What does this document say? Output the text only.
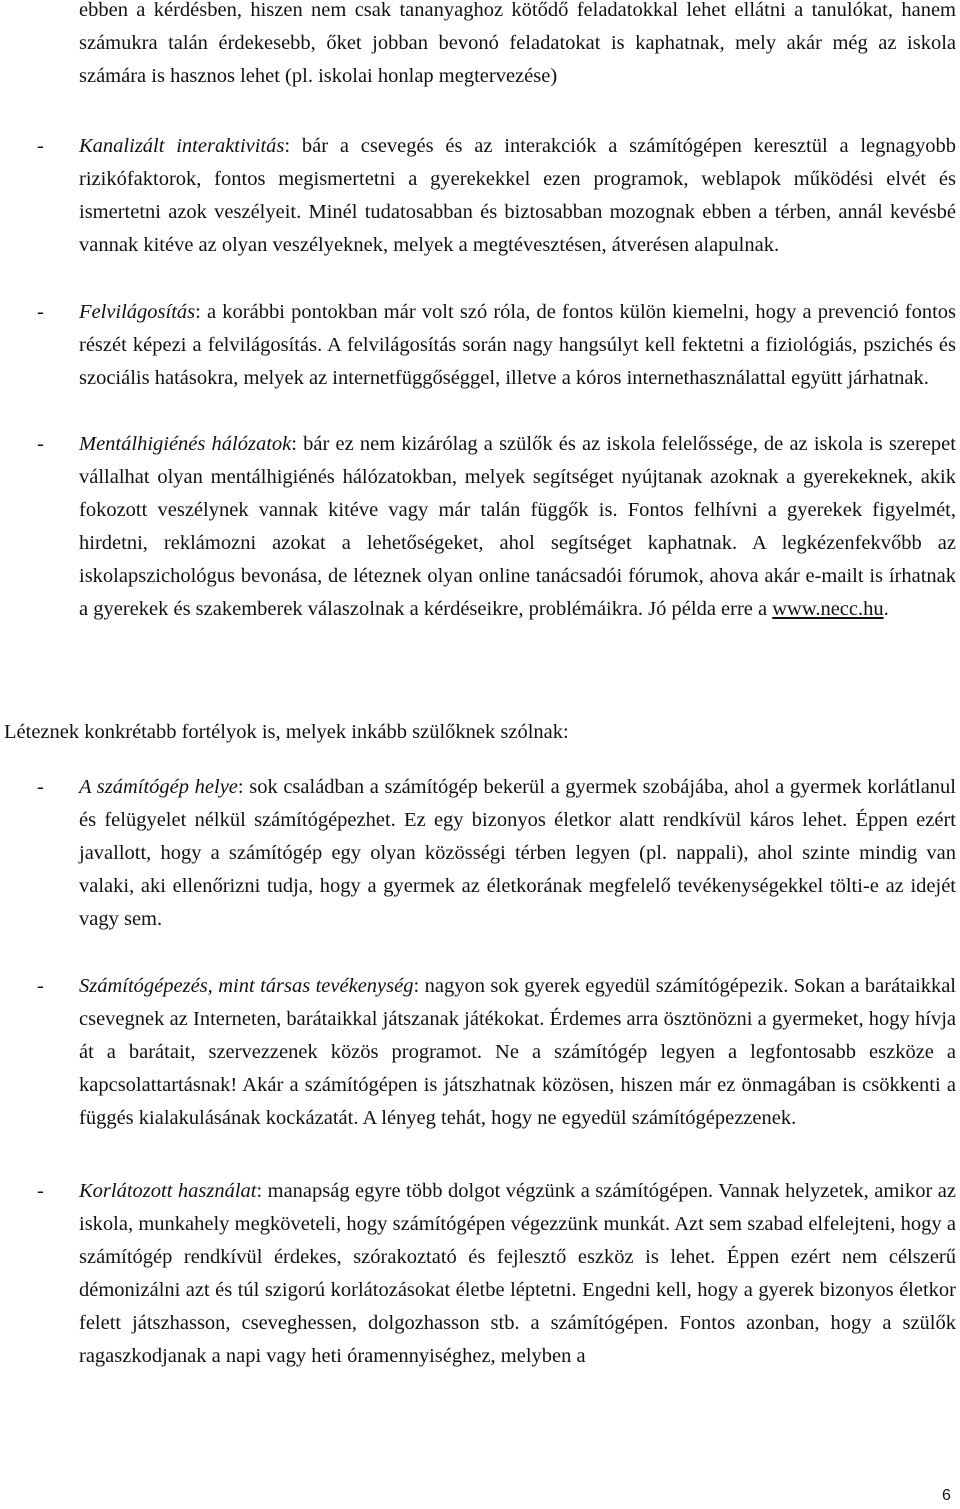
ebben a kérdésben, hiszen nem csak tananyaghoz kötődő feladatokkal lehet ellátni a tanulókat, hanem számukra talán érdekesebb, őket jobban bevonó feladatokat is kaphatnak, mely akár még az iskola számára is hasznos lehet (pl. iskolai honlap megtervezése)

- Kanalizált interaktivitás: bár a csevegés és az interakciók a számítógépen keresztül a legnagyobb rizikófaktorok, fontos megismertetni a gyerekekkel ezen programok, weblapok működési elvét és ismertetni azok veszélyeit. Minél tudatosabban és biztosabban mozognak ebben a térben, annál kevésbé vannak kitéve az olyan veszélyeknek, melyek a megtévesztésen, átverésen alapulnak.

- Felvilágosítás: a korábbi pontokban már volt szó róla, de fontos külön kiemelni, hogy a prevenció fontos részét képezi a felvilágosítás. A felvilágosítás során nagy hangsúlyt kell fektetni a fiziológiás, pszichés és szociális hatásokra, melyek az internetfüggőséggel, illetve a kóros internethasználattal együtt járhatnak.

- Mentálhigiénés hálózatok: bár ez nem kizárólag a szülők és az iskola felelőssége, de az iskola is szerepet vállalhat olyan mentálhigiénés hálózatokban, melyek segítséget nyújtanak azoknak a gyerekeknek, akik fokozott veszélynek vannak kitéve vagy már talán függők is. Fontos felhívni a gyerekek figyelmét, hirdetni, reklámozni azokat a lehetőségeket, ahol segítséget kaphatnak. A legkézenfekvőbb az iskolapszichológus bevonása, de léteznek olyan online tanácsadói fórumok, ahova akár e-mailt is írhatnak a gyerekek és szakemberek válaszolnak a kérdéseikre, problémáikra. Jó példa erre a www.necc.hu.

Léteznek konkrétabb fortélyok is, melyek inkább szülőknek szólnak:

- A számítógép helye: sok családban a számítógép bekerül a gyermek szobájába, ahol a gyermek korlátlanul és felügyelet nélkül számítógépezhet. Ez egy bizonyos életkor alatt rendkívül káros lehet. Éppen ezért javallott, hogy a számítógép egy olyan közösségi térben legyen (pl. nappali), ahol szinte mindig van valaki, aki ellenőrizni tudja, hogy a gyermek az életkorának megfelelő tevékenységekkel tölti-e az idejét vagy sem.

- Számítógépezés, mint társas tevékenység: nagyon sok gyerek egyedül számítógépezik. Sokan a barátaikkal csevegnek az Interneten, barátaikkal játszanak játékokat. Érdemes arra ösztönözni a gyermeket, hogy hívja át a barátait, szervezzenek közös programot. Ne a számítógép legyen a legfontosabb eszköze a kapcsolattartásnak! Akár a számítógépen is játszhatnak közösen, hiszen már ez önmagában is csökkenti a függés kialakulásának kockázatát. A lényeg tehát, hogy ne egyedül számítógépezzenek.

- Korlátozott használat: manapság egyre több dolgot végzünk a számítógépen. Vannak helyzetek, amikor az iskola, munkahely megköveteli, hogy számítógépen végezzünk munkát. Azt sem szabad elfelejteni, hogy a számítógép rendkívül érdekes, szórakoztató és fejlesztő eszköz is lehet. Éppen ezért nem célszerű démonizálni azt és túl szigorú korlátozásokat életbe léptetni. Engedni kell, hogy a gyerek bizonyos életkor felett játszhasson, cseveghessen, dolgozhasson stb. a számítógépen. Fontos azonban, hogy a szülők ragaszkodjanak a napi vagy heti óramennyiséghez, melyben a

6
